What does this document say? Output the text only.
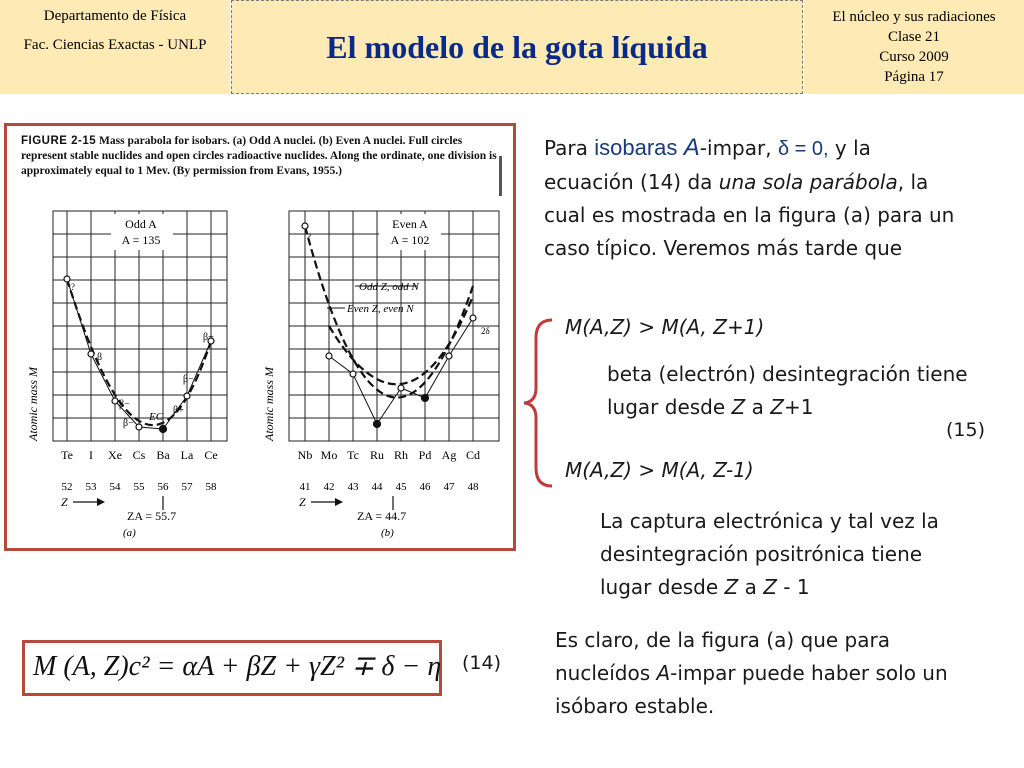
Departamento de Física
Fac. Ciencias Exactas - UNLP	El modelo de la gota líquida
El núcleo y sus radiaciones
Clase 21
Curso 2009
Página 17
FIGURE 2-15 Mass parabola for isobars. (a) Odd A nuclei. (b) Even A nuclei. Full circles represent stable nuclides and open circles radioactive nuclides. Along the ordinate, one division is approximately equal to 1 Mev. (By permission from Evans, 1955.)
Odd A
A = 135
?
β
β−
β−
EC
β+
β−
β+
Atomic mass M
Te I Xe Cs Ba La Ce
52 53 54 55 56 57 58
Z
ZA = 55.7
(a)
Even A
A = 102
?
Odd Z, odd N
Even Z, even N
2δ
Atomic mass M
Nb Mo Tc Ru Rh Pd Ag Cd
41 42 43 44 45 46 47 48
Z
ZA = 44.7
(b)
Para isobaras A-impar, δ = 0, y la
ecuación (14) da una sola parábola, la
cual es mostrada en la figura (a) para un
caso típico. Veremos más tarde que
M(A,Z) > M(A, Z+1)
beta (electrón) desintegración tiene
lugar desde Z a Z+1
(15)
M(A,Z) > M(A, Z-1)
La captura electrónica y tal vez la
desintegración positrónica tiene
lugar desde Z a Z - 1
Es claro, de la figura (a) que para
nucleídos A-impar puede haber solo un
isóbaro estable.
M (A, Z)c² = αA + βZ + γZ² ∓ δ − η (14)
